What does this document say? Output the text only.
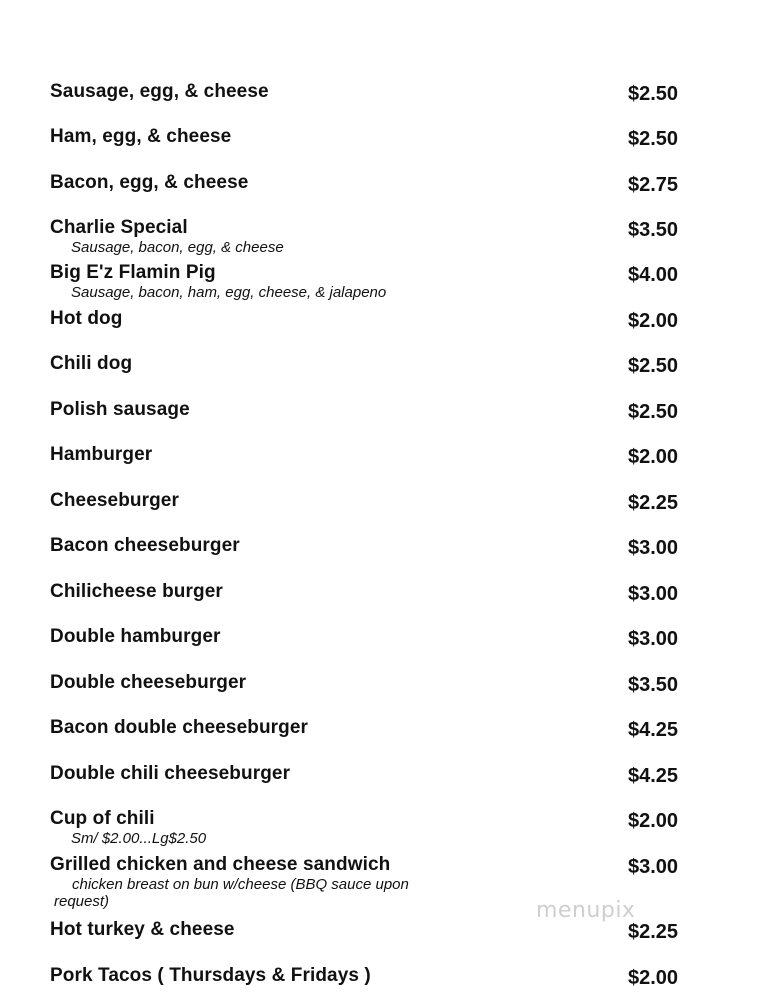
Sausage, egg, & cheese	$2.50
Ham, egg, & cheese	$2.50
Bacon, egg, & cheese	$2.75
Charlie Special	$3.50
Sausage, bacon, egg, & cheese
Big E'z Flamin Pig	$4.00
Sausage, bacon, ham, egg, cheese, & jalapeno
Hot dog	$2.00
Chili dog	$2.50
Polish sausage	$2.50
Hamburger	$2.00
Cheeseburger	$2.25
Bacon cheeseburger	$3.00
Chilicheese burger	$3.00
Double hamburger	$3.00
Double cheeseburger	$3.50
Bacon double cheeseburger	$4.25
Double chili cheeseburger	$4.25
Cup of chili	$2.00
Sm/ $2.00...Lg$2.50
Grilled chicken and cheese sandwich	$3.00
chicken breast on bun w/cheese (BBQ sauce upon request)
Hot turkey & cheese	$2.25
Pork Tacos ( Thursdays & Fridays )	$2.00
menupix
